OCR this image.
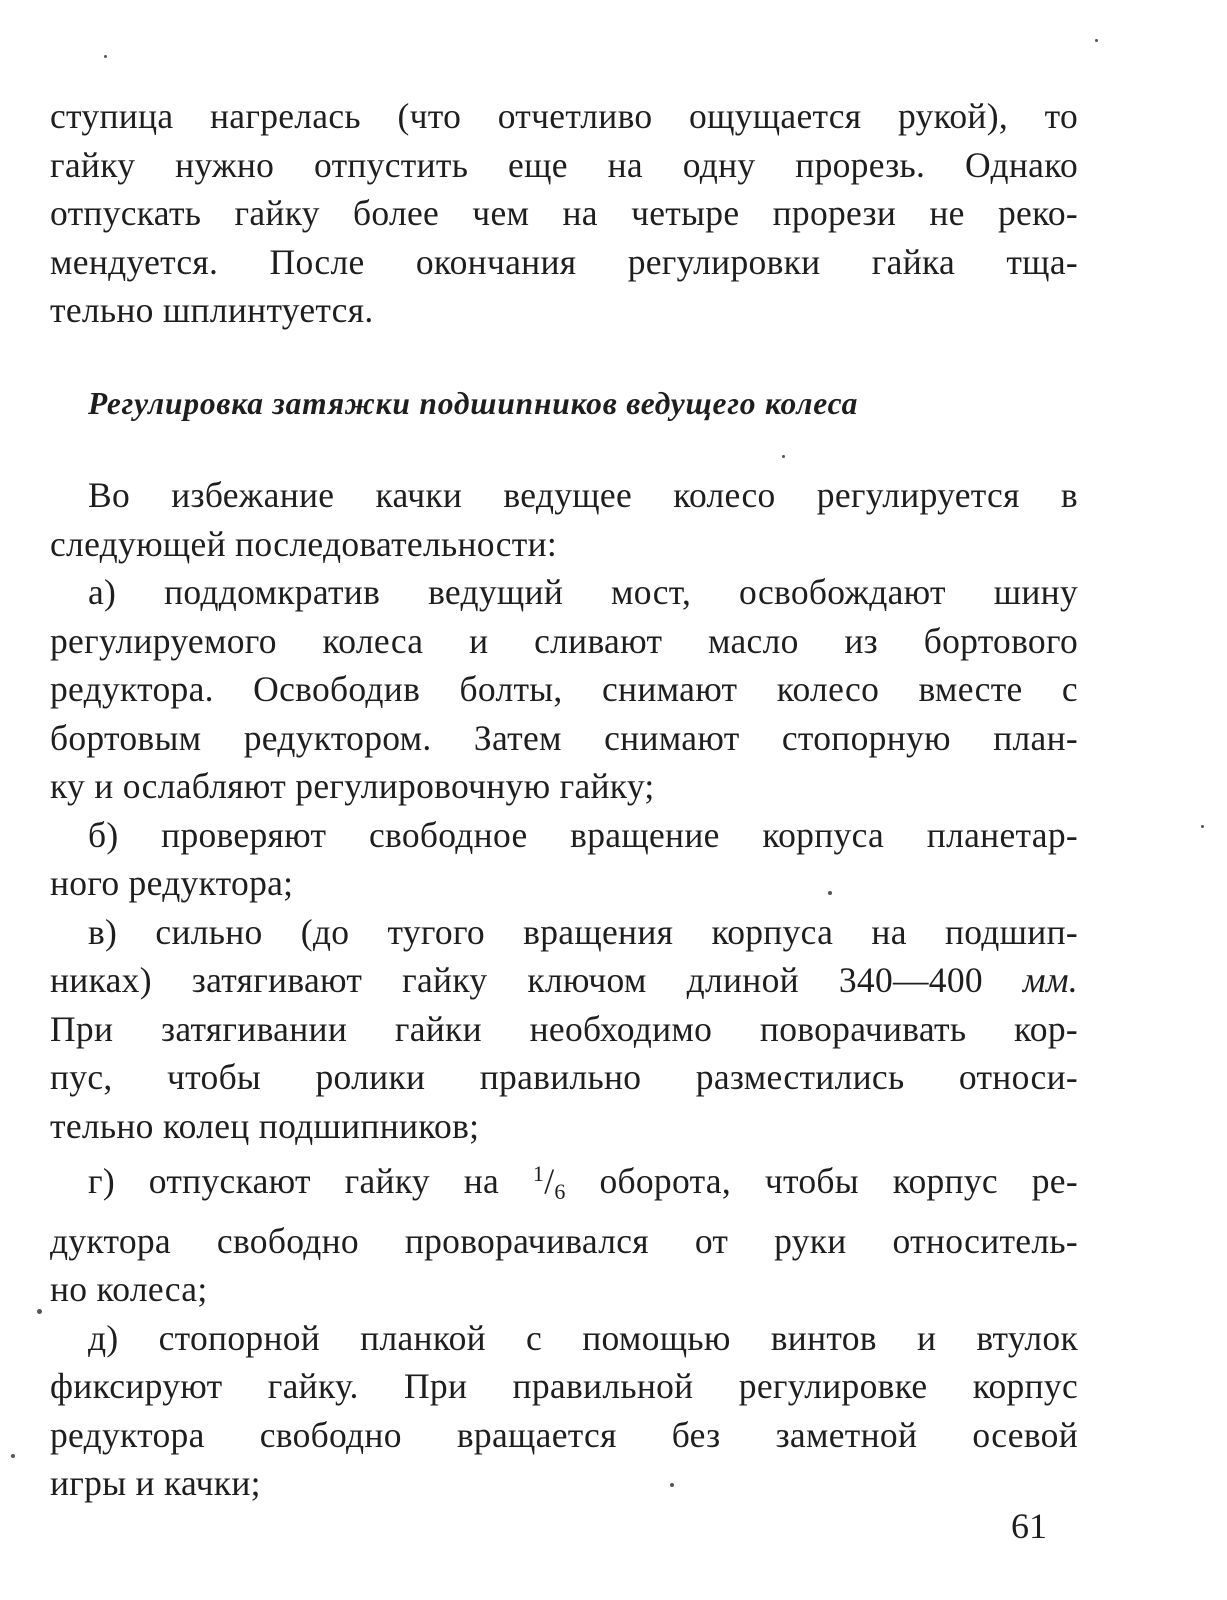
ступица нагрелась (что отчетливо ощущается рукой), то
гайку нужно отпустить еще на одну прорезь. Однако
отпускать гайку более чем на четыре прорези не реко-
мендуется. После окончания регулировки гайка тща-
тельно шплинтуется.
Регулировка затяжки подшипников ведущего колеса
Во избежание качки ведущее колесо регулируется в
следующей последовательности:
а) поддомкратив ведущий мост, освобождают шину
регулируемого колеса и сливают масло из бортового
редуктора. Освободив болты, снимают колесо вместе с
бортовым редуктором. Затем снимают стопорную план-
ку и ослабляют регулировочную гайку;
б) проверяют свободное вращение корпуса планетар-
ного редуктора;
в) сильно (до тугого вращения корпуса на подшип-
никах) затягивают гайку ключом длиной 340—400 мм.
При затягивании гайки необходимо поворачивать кор-
пус, чтобы ролики правильно разместились относи-
тельно колец подшипников;
г) отпускают гайку на $^1$/6 оборота, чтобы корпус ре-
дуктора свободно проворачивался от руки относитель-
но колеса;
д) стопорной планкой с помощью винтов и втулок
фиксируют гайку. При правильной регулировке корпус
редуктора свободно вращается без заметной осевой
игры и качки;
61
